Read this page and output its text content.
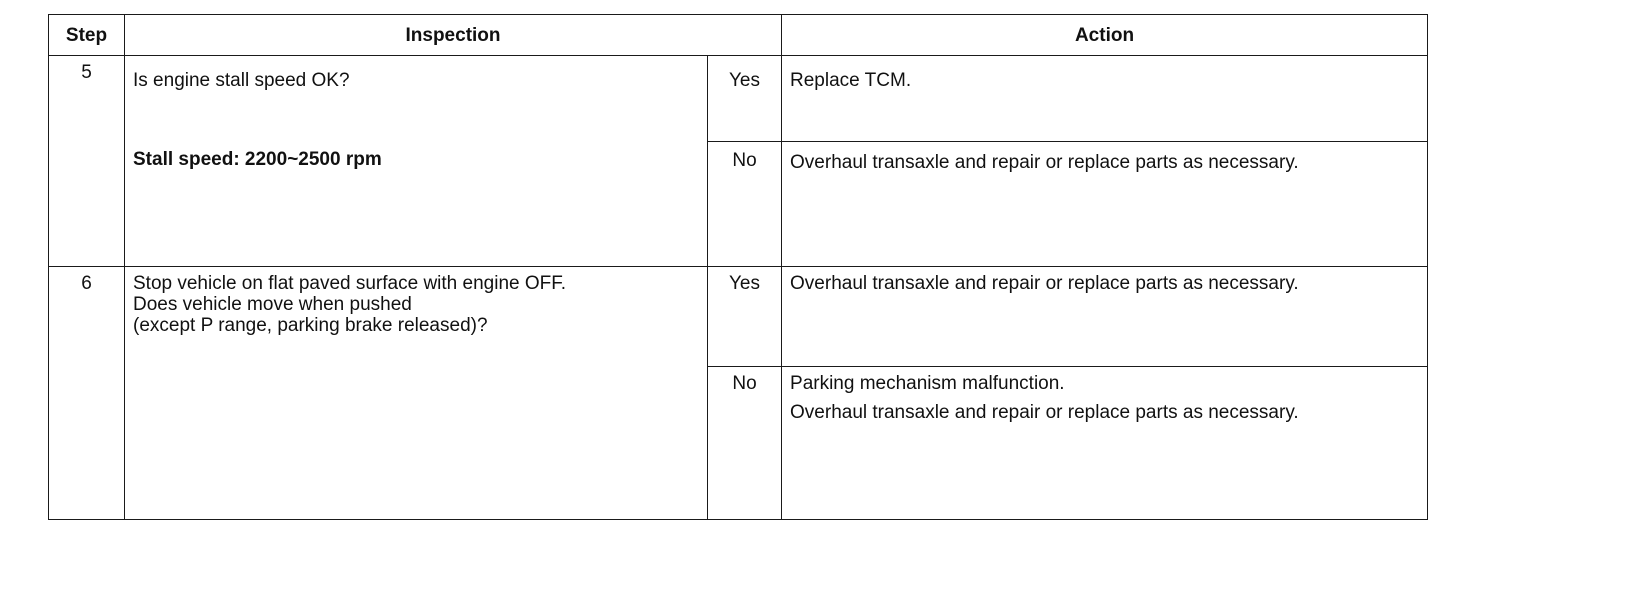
Step	Inspection		Action

5	Is engine stall speed OK?
Stall speed: 2200~2500 rpm	Yes	Replace TCM.

		No	Overhaul transaxle and repair or replace parts as necessary.

6	Stop vehicle on flat paved surface with engine OFF.
Does vehicle move when pushed
(except P range, parking brake released)?	Yes	Overhaul transaxle and repair or replace parts as necessary.

		No	Parking mechanism malfunction.
Overhaul transaxle and repair or replace parts as necessary.
